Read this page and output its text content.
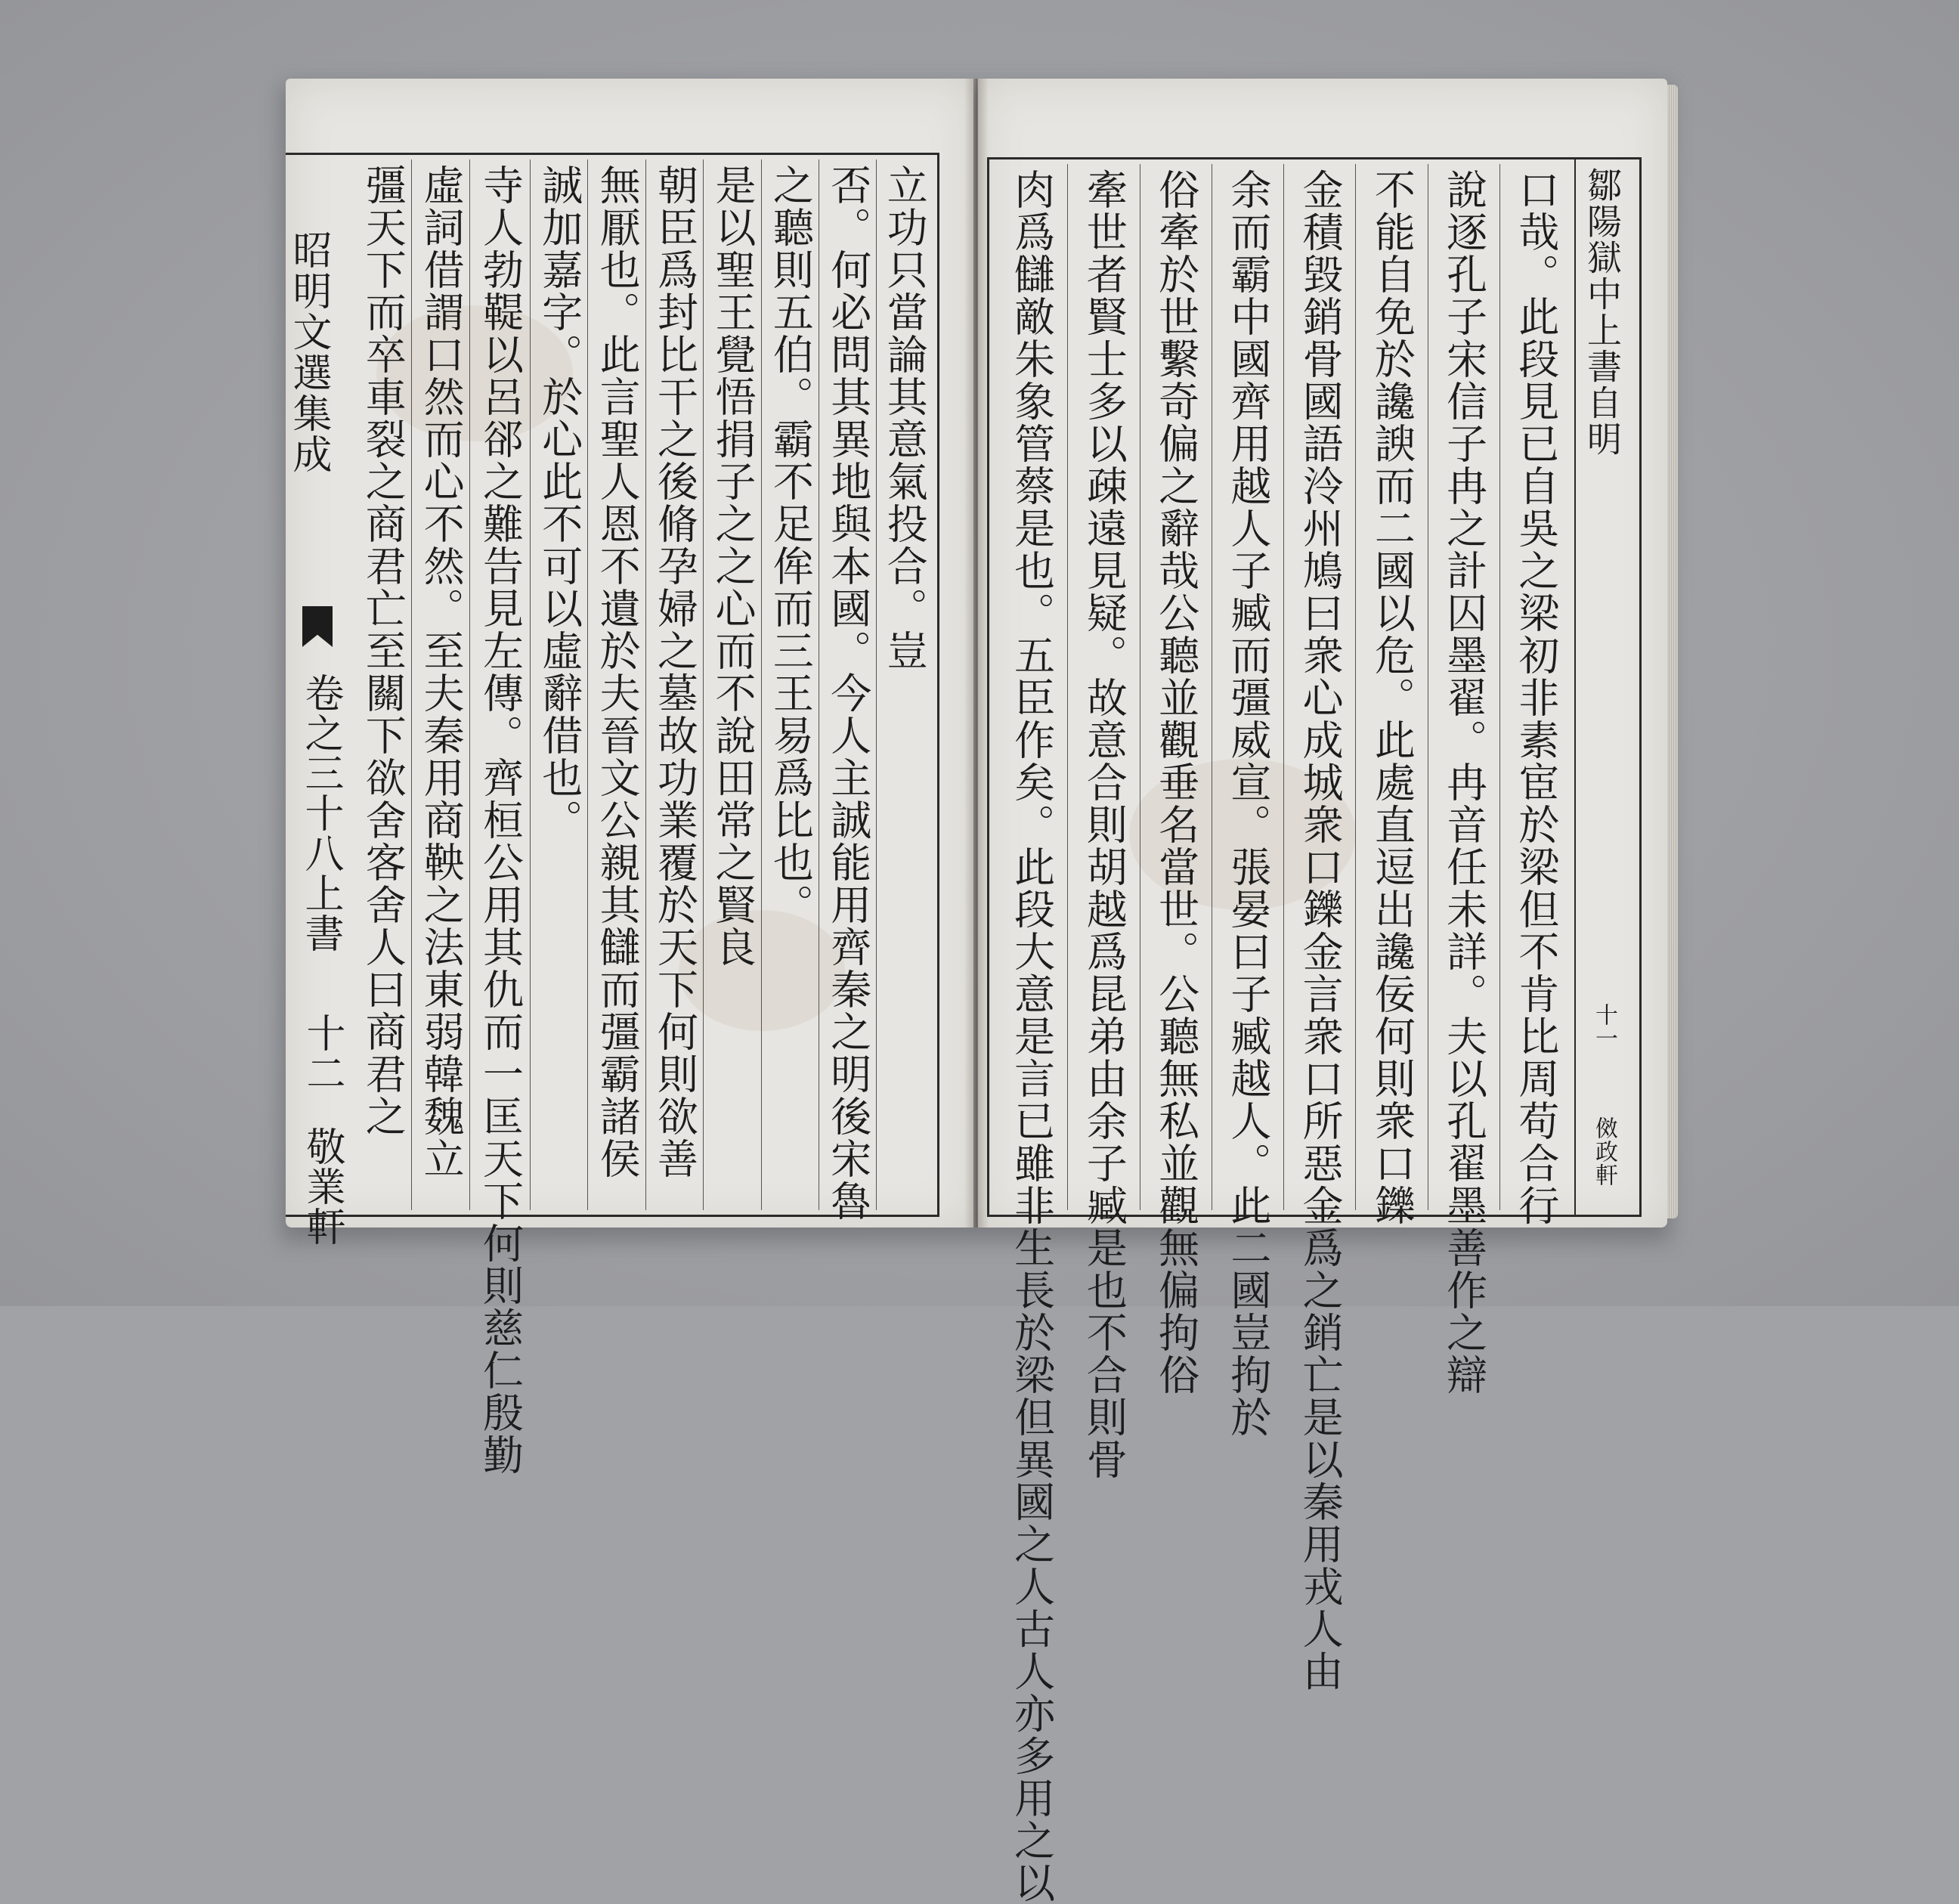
立功只當論其意氣投合。豈
否。何必問其異地與本國。今人主誠能用齊秦之明後宋魯
之聽則五伯。霸不足侔而三王易爲比也。
是以聖王覺悟捐子之之心而不說田常之賢良
朝臣爲封比干之後脩孕婦之墓故功業覆於天下何則欲善
無厭也。此言聖人恩不遺於夫晉文公親其讎而彊霸諸侯
誠加嘉字。於心此不可以虛辭借也。
寺人勃鞮以呂郤之難告見左傳。齊桓公用其仇而一匡天下何則慈仁殷勤
虛詞借謂口然而心不然。至夫秦用商鞅之法東弱韓魏立
彊天下而卒車裂之商君亡至關下欲舍客舍人曰商君之
昭明文選集成
卷之三十八上書
十二
敬業軒	口哉。此段見已自吳之梁初非素宦於梁但不肯比周苟合行
說逐孔子宋信子冉之計囚墨翟。冉音任未詳。夫以孔翟墨善作之辯
不能自免於讒諛而二國以危。此處直逗出讒佞何則衆口鑠
金積毀銷骨國語泠州鳩曰衆心成城衆口鑠金言衆口所惡金爲之銷亡是以秦用戎人由
余而霸中國齊用越人子臧而彊威宣。張晏曰子臧越人。此二國豈拘於
俗牽於世繫奇偏之辭哉公聽並觀垂名當世。公聽無私並觀無偏拘俗
牽世者賢士多以疎遠見疑。故意合則胡越爲昆弟由余子臧是也不合則骨
肉爲讎敵朱象管蔡是也。五臣作矣。此段大意是言已雖非生長於梁但異國之人古人亦多用之以	鄒陽獄中上書自明
十一
傚政軒
